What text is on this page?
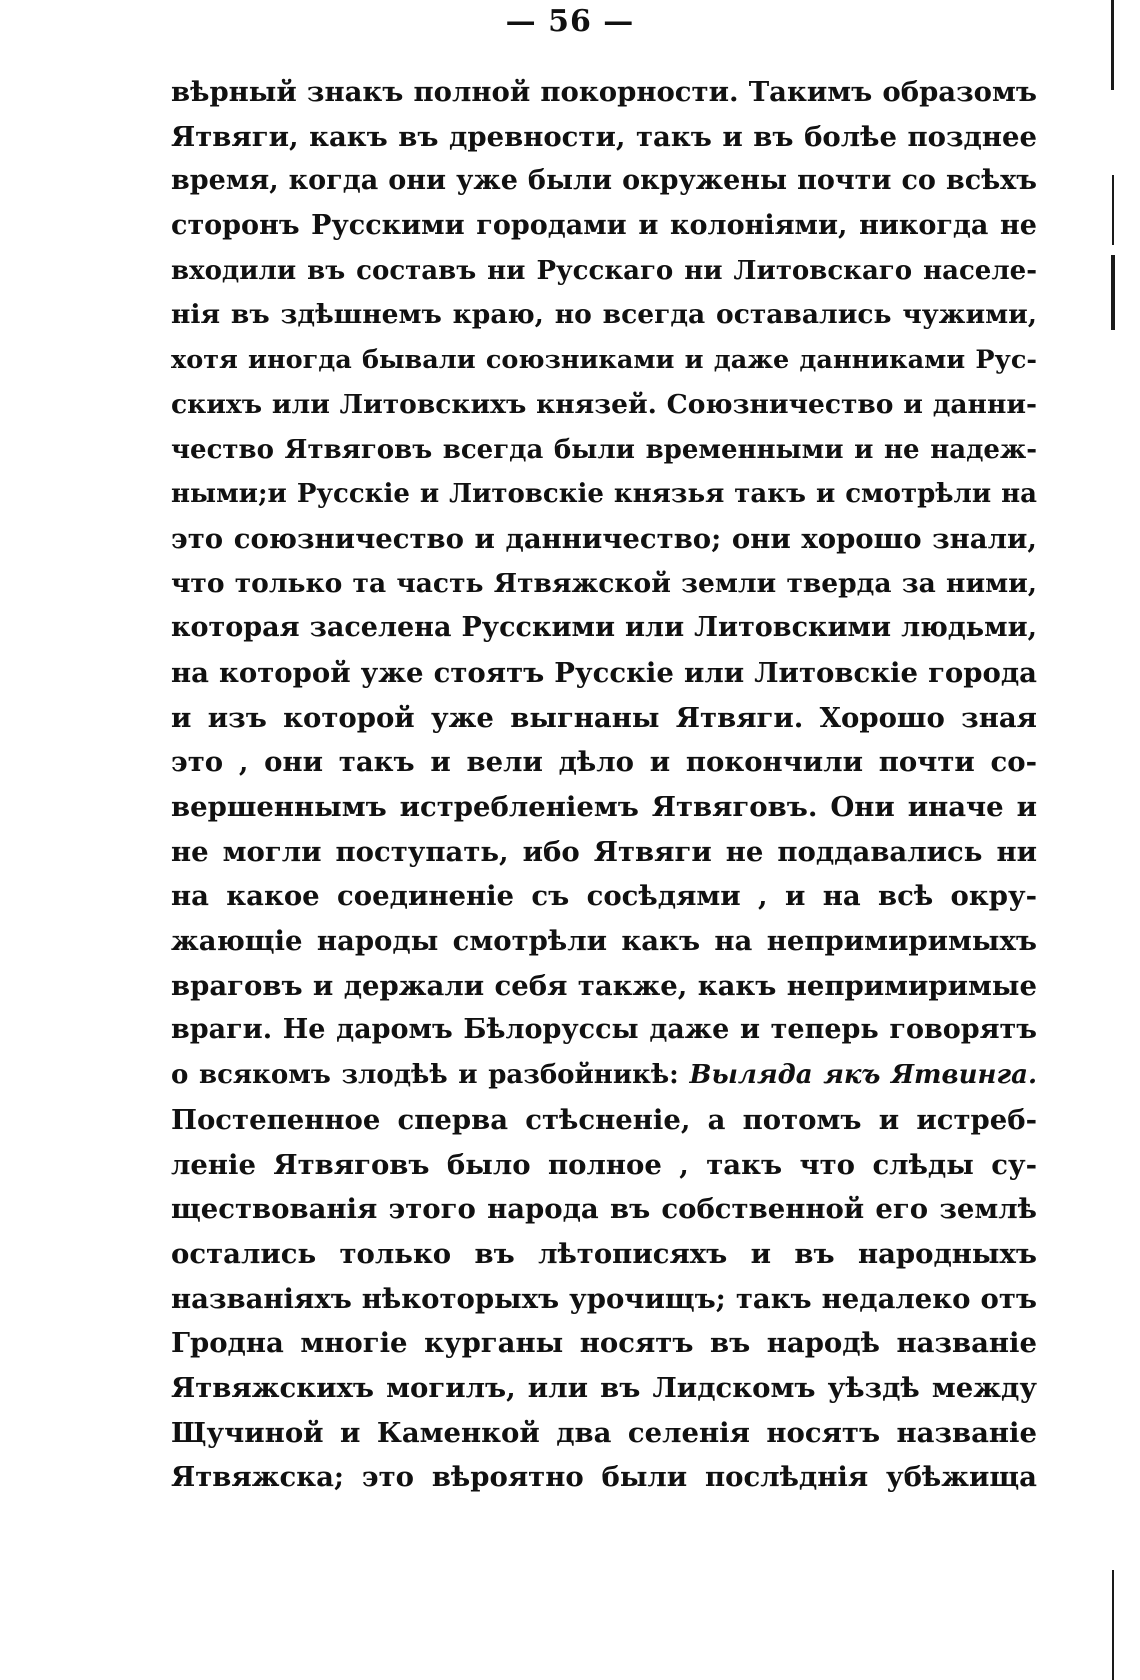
— 56 —
вѣрный знакъ полной покорности. Такимъ образомъ
Ятвяги, какъ въ древности, такъ и въ болѣе позднее
время, когда они уже были окружены почти со всѣхъ
сторонъ Русскими городами и колоніями, никогда не
входили въ составъ ни Русскаго ни Литовскаго населе-
нія въ здѣшнемъ краю, но всегда оставались чужими,
хотя иногда бывали союзниками и даже данниками Рус-
скихъ или Литовскихъ князей. Союзничество и данни-
чество Ятвяговъ всегда были временными и не надеж-
ными;и Русскіе и Литовскіе князья такъ и смотрѣли на
это союзничество и данничество; они хорошо знали,
что только та часть Ятвяжской земли тверда за ними,
которая заселена Русскими или Литовскими людьми,
на которой уже стоятъ Русскіе или Литовскіе города
и изъ которой уже выгнаны Ятвяги. Хорошо зная
это , они такъ и вели дѣло и покончили почти со-
вершеннымъ истребленіемъ Ятвяговъ. Они иначе и
не могли поступать, ибо Ятвяги не поддавались ни
на какое соединеніе съ сосѣдями , и на всѣ окру-
жающіе народы смотрѣли какъ на непримиримыхъ
враговъ и держали себя также, какъ непримиримые
враги. Не даромъ Бѣлоруссы даже и теперь говорятъ
о всякомъ злодѣѣ и разбойникѣ: Выляда якъ Ятвинга.
Постепенное сперва стѣсненіе, а потомъ и истреб-
леніе Ятвяговъ было полное , такъ что слѣды су-
ществованія этого народа въ собственной его землѣ
остались только въ лѣтописяхъ и въ народныхъ
названіяхъ нѣкоторыхъ урочищъ; такъ недалеко отъ
Гродна многіе курганы носятъ въ народѣ названіе
Ятвяжскихъ могилъ, или въ Лидскомъ уѣздѣ между
Щучиной и Каменкой два селенія носятъ названіе
Ятвяжска; это вѣроятно были послѣднія убѣжища
